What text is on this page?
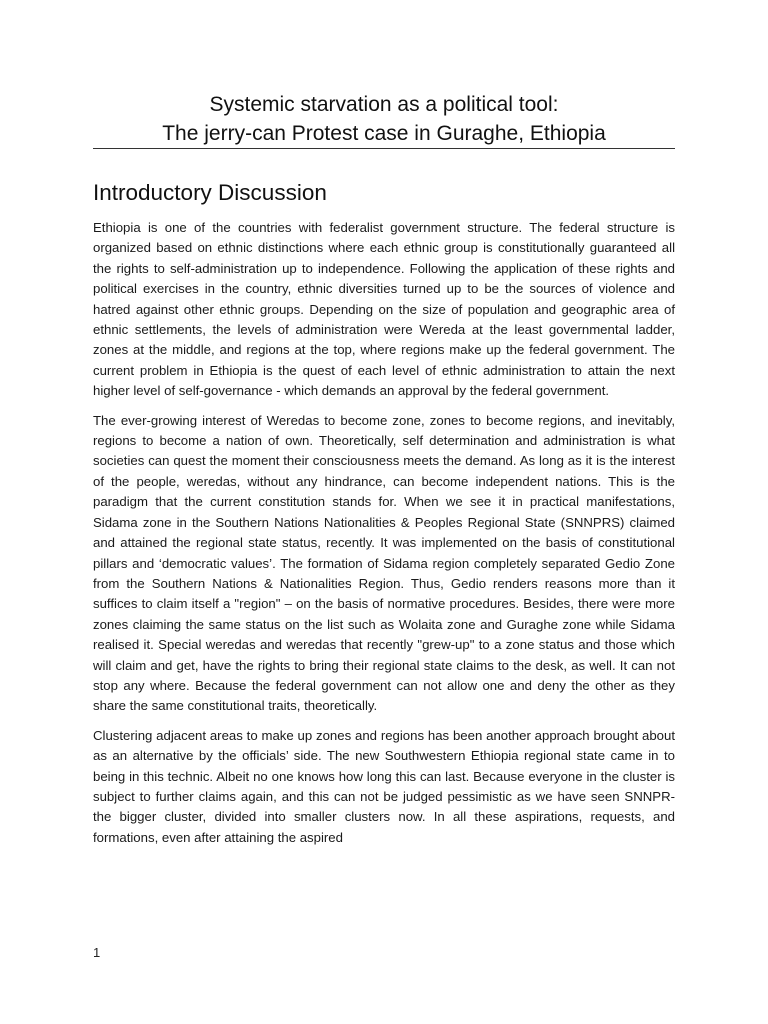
Systemic starvation as a political tool:
The jerry-can Protest case in Guraghe, Ethiopia
Introductory Discussion

Ethiopia is one of the countries with federalist government structure. The federal structure is organized based on ethnic distinctions where each ethnic group is constitutionally guaranteed all the rights to self-administration up to independence. Following the application of these rights and political exercises in the country, ethnic diversities turned up to be the sources of violence and hatred against other ethnic groups. Depending on the size of population and geographic area of ethnic settlements, the levels of administration were Wereda at the least governmental ladder, zones at the middle, and regions at the top, where regions make up the federal government. The current problem in Ethiopia is the quest of each level of ethnic administration to attain the next higher level of self-governance - which demands an approval by the federal government.

The ever-growing interest of Weredas to become zone, zones to become regions, and inevitably, regions to become a nation of own. Theoretically, self determination and administration is what societies can quest the moment their consciousness meets the demand. As long as it is the interest of the people, weredas, without any hindrance, can become independent nations. This is the paradigm that the current constitution stands for. When we see it in practical manifestations, Sidama zone in the Southern Nations Nationalities & Peoples Regional State (SNNPRS) claimed and attained the regional state status, recently. It was implemented on the basis of constitutional pillars and ‘democratic values’. The formation of Sidama region completely separated Gedio Zone from the Southern Nations & Nationalities Region. Thus, Gedio renders reasons more than it suffices to claim itself a "region" – on the basis of normative procedures. Besides, there were more zones claiming the same status on the list such as Wolaita zone and Guraghe zone while Sidama realised it. Special weredas and weredas that recently "grew-up" to a zone status and those which will claim and get, have the rights to bring their regional state claims to the desk, as well. It can not stop any where. Because the federal government can not allow one and deny the other as they share the same constitutional traits, theoretically.

Clustering adjacent areas to make up zones and regions has been another approach brought about as an alternative by the officials’ side. The new Southwestern Ethiopia regional state came in to being in this technic. Albeit no one knows how long this can last. Because everyone in the cluster is subject to further claims again, and this can not be judged pessimistic as we have seen SNNPR- the bigger cluster, divided into smaller clusters now. In all these aspirations, requests, and formations, even after attaining the aspired

1
